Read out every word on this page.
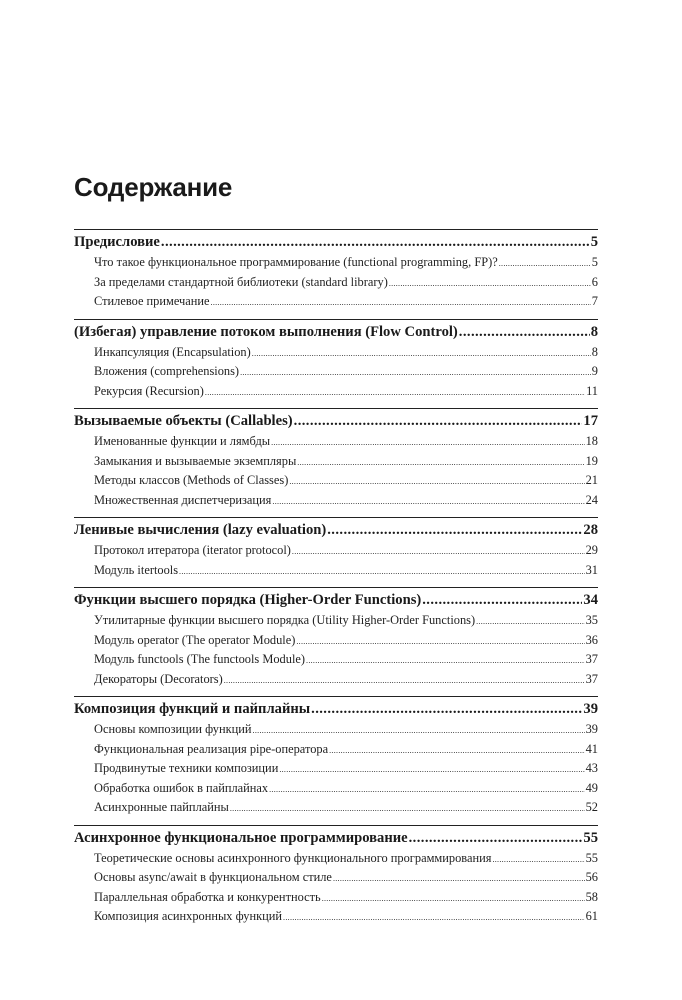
Содержание
Предисловие .....	5
Что такое функциональное программирование (functional programming, FP)? .....	5
За пределами стандартной библиотеки (standard library) .....	6
Стилевое примечание .....	7
(Избегая) управление потоком выполнения (Flow Control) .....	8
Инкапсуляция (Encapsulation) .....	8
Вложения (comprehensions) .....	9
Рекурсия (Recursion) .....	11
Вызываемые объекты (Callables) .....	17
Именованные функции и лямбды .....	18
Замыкания и вызываемые экземпляры .....	19
Методы классов (Methods of Classes) .....	21
Множественная диспетчеризация .....	24
Ленивые вычисления (lazy evaluation) .....	28
Протокол итератора (iterator protocol) .....	29
Модуль itertools .....	31
Функции высшего порядка (Higher-Order Functions) .....	34
Утилитарные функции высшего порядка (Utility Higher-Order Functions) .....	35
Модуль operator (The operator Module) .....	36
Модуль functools (The functools Module) .....	37
Декораторы (Decorators) .....	37
Композиция функций и пайплайны .....	39
Основы композиции функций .....	39
Функциональная реализация pipe-оператора .....	41
Продвинутые техники композиции .....	43
Обработка ошибок в пайплайнах .....	49
Асинхронные пайплайны .....	52
Асинхронное функциональное программирование .....	55
Теоретические основы асинхронного функционального программирования .....	55
Основы async/await в функциональном стиле .....	56
Параллельная обработка и конкурентность .....	58
Композиция асинхронных функций .....	61
